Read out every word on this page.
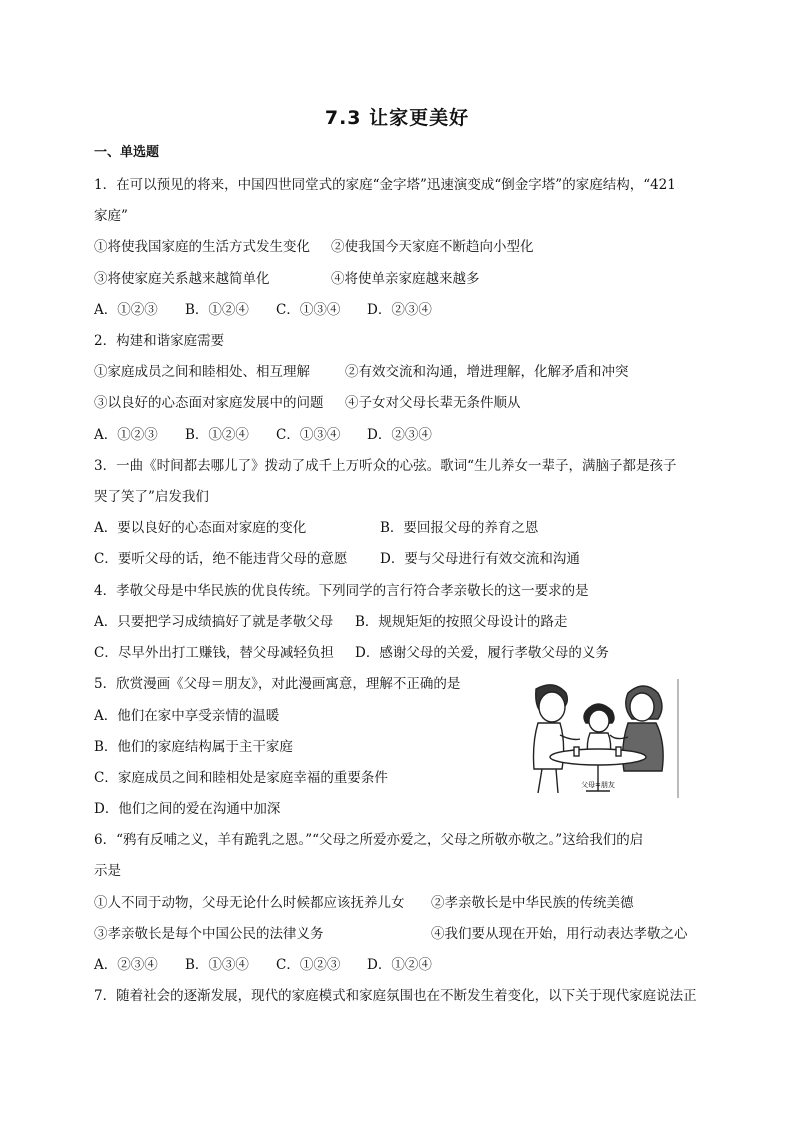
7.3 让家更美好
一、单选题
1．在可以预见的将来，中国四世同堂式的家庭“金字塔”迅速演变成“倒金字塔”的家庭结构，“421
家庭”
①将使我国家庭的生活方式发生变化 ②使我国今天家庭不断趋向小型化
③将使家庭关系越来越简单化	④将使单亲家庭越来越多
A．①②③ B．①②④ C．①③④ D．②③④
2．构建和谐家庭需要
①家庭成员之间和睦相处、相互理解	②有效交流和沟通，增进理解，化解矛盾和冲突
③以良好的心态面对家庭发展中的问题 ④子女对父母长辈无条件顺从
A．①②③ B．①②④ C．①③④ D．②③④
3．一曲《时间都去哪儿了》拨动了成千上万听众的心弦。歌词“生儿养女一辈子，满脑子都是孩子
哭了笑了”启发我们
A．要以良好的心态面对家庭的变化	B．要回报父母的养育之恩
C．要听父母的话，绝不能违背父母的意愿 D．要与父母进行有效交流和沟通
4．孝敬父母是中华民族的优良传统。下列同学的言行符合孝亲敬长的这一要求的是
A．只要把学习成绩搞好了就是孝敬父母 B．规规矩矩的按照父母设计的路走
C．尽早外出打工赚钱，替父母减轻负担 D．感谢父母的关爱，履行孝敬父母的义务
5．欣赏漫画《父母＝朋友》，对此漫画寓意，理解不正确的是
A．他们在家中享受亲情的温暖
B．他们的家庭结构属于主干家庭
C．家庭成员之间和睦相处是家庭幸福的重要条件
D．他们之间的爱在沟通中加深
父母=朋友
6．“鸦有反哺之义，羊有跪乳之恩。”“父母之所爱亦爱之，父母之所敬亦敬之。”这给我们的启
示是
①人不同于动物，父母无论什么时候都应该抚养儿女 ②孝亲敬长是中华民族的传统美德
③孝亲敬长是每个中国公民的法律义务	④我们要从现在开始，用行动表达孝敬之心
A．②③④ B．①③④ C．①②③ D．①②④
7．随着社会的逐渐发展，现代的家庭模式和家庭氛围也在不断发生着变化，以下关于现代家庭说法正
